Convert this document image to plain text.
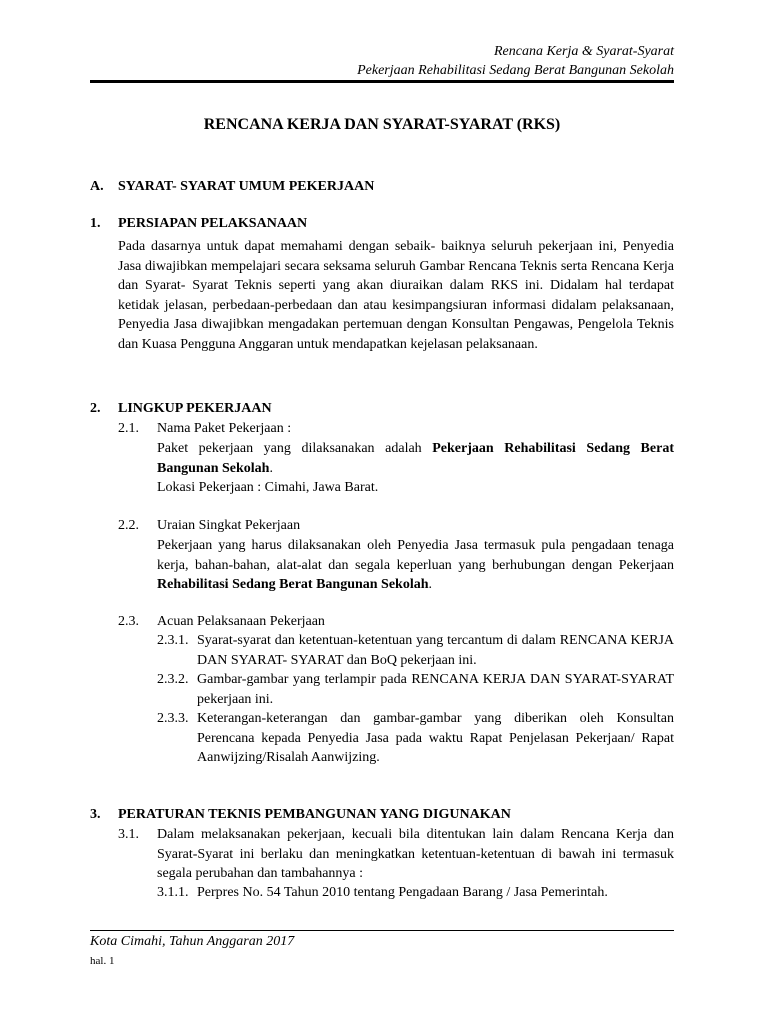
Rencana Kerja & Syarat-Syarat
Pekerjaan Rehabilitasi Sedang Berat Bangunan Sekolah
RENCANA KERJA DAN SYARAT-SYARAT (RKS)
A. SYARAT- SYARAT UMUM PEKERJAAN
1. PERSIAPAN PELAKSANAAN
Pada dasarnya untuk dapat memahami dengan sebaik- baiknya seluruh pekerjaan ini, Penyedia Jasa diwajibkan mempelajari secara seksama seluruh Gambar Rencana Teknis serta Rencana Kerja dan Syarat- Syarat Teknis seperti yang akan diuraikan dalam RKS ini. Didalam hal terdapat ketidak jelasan, perbedaan-perbedaan dan atau kesimpangsiuran informasi didalam pelaksanaan, Penyedia Jasa diwajibkan mengadakan pertemuan dengan Konsultan Pengawas, Pengelola Teknis dan Kuasa Pengguna Anggaran untuk mendapatkan kejelasan pelaksanaan.
2. LINGKUP PEKERJAAN
2.1. Nama Paket Pekerjaan :
Paket pekerjaan yang dilaksanakan adalah Pekerjaan Rehabilitasi Sedang Berat Bangunan Sekolah.
Lokasi Pekerjaan : Cimahi, Jawa Barat.
2.2. Uraian Singkat Pekerjaan
Pekerjaan yang harus dilaksanakan oleh Penyedia Jasa termasuk pula pengadaan tenaga kerja, bahan-bahan, alat-alat dan segala keperluan yang berhubungan dengan Pekerjaan Rehabilitasi Sedang Berat Bangunan Sekolah.
2.3. Acuan Pelaksanaan Pekerjaan
2.3.1. Syarat-syarat dan ketentuan-ketentuan yang tercantum di dalam RENCANA KERJA DAN SYARAT- SYARAT dan BoQ pekerjaan ini.
2.3.2. Gambar-gambar yang terlampir pada RENCANA KERJA DAN SYARAT-SYARAT pekerjaan ini.
2.3.3. Keterangan-keterangan dan gambar-gambar yang diberikan oleh Konsultan Perencana kepada Penyedia Jasa pada waktu Rapat Penjelasan Pekerjaan/ Rapat Aanwijzing/Risalah Aanwijzing.
3. PERATURAN TEKNIS PEMBANGUNAN YANG DIGUNAKAN
3.1. Dalam melaksanakan pekerjaan, kecuali bila ditentukan lain dalam Rencana Kerja dan Syarat-Syarat ini berlaku dan meningkatkan ketentuan-ketentuan di bawah ini termasuk segala perubahan dan tambahannya :
3.1.1. Perpres No. 54 Tahun 2010 tentang Pengadaan Barang / Jasa Pemerintah.
Kota Cimahi, Tahun Anggaran 2017
hal. 1
